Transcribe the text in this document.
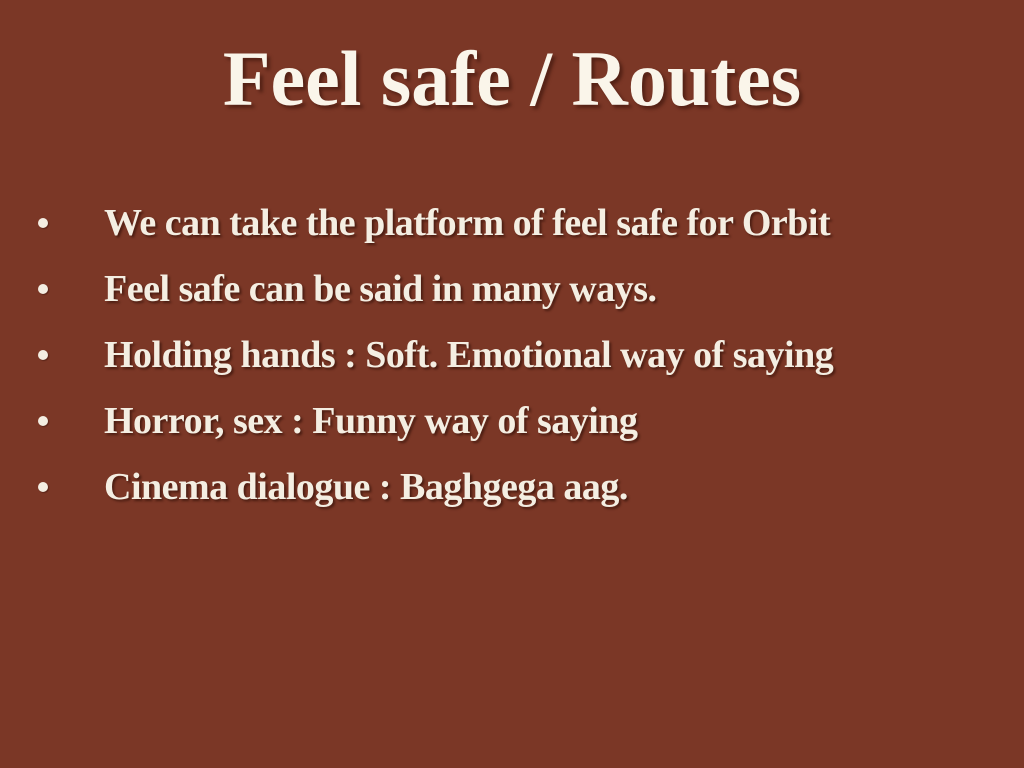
Feel safe / Routes
We can take the platform of feel safe for Orbit
Feel safe can be said in many ways.
Holding hands : Soft. Emotional way of saying
Horror, sex : Funny way of saying
Cinema dialogue : Baghgega aag.
